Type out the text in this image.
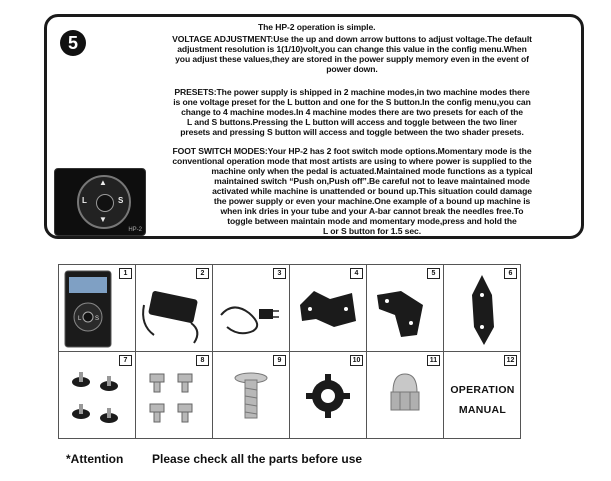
5
The HP-2 operation is simple.
VOLTAGE ADJUSTMENT:Use the up and down arrow buttons to adjust voltage.The default
adjustment resolution is 1(1/10)volt,you can change this value in the config menu.When
you adjust these values,they are stored in the power supply memory even in the event of
power down.
PRESETS:The power supply is shipped in 2 machine modes,in two machine modes there
is one voltage preset for the L button and one for the S button.In the config menu,you can
change to 4 machine modes.In 4 machine modes there are two presets for each of the
L and S buttons.Pressing the L button will access and toggle between the two liner
presets and pressing S button will access and toggle between the two shader presets.
FOOT SWITCH MODES:Your HP-2 has 2 foot switch mode options.Momentary mode is the
conventional operation mode that most artists are using to where power is supplied to the
machine only when the pedal is actuated.Maintained mode functions as a typical
maintained switch “Push on,Push off”.Be careful not to leave maintained mode
activated while machine is unattended or bound up.This situation could damage
the power supply or even your machine.One example of a bound up machine is
when ink dries in your tube and your A-bar cannot break the needles free.To
toggle between maintain mode and momentary mode,press and hold the
L or S button for 1.5 sec.
▲
▼
L	S
HP-2
1
L S
2	3	4	5	6
7	8	9	10	11	12
OPERATION
MANUAL
*Attention Please check all the parts before use
